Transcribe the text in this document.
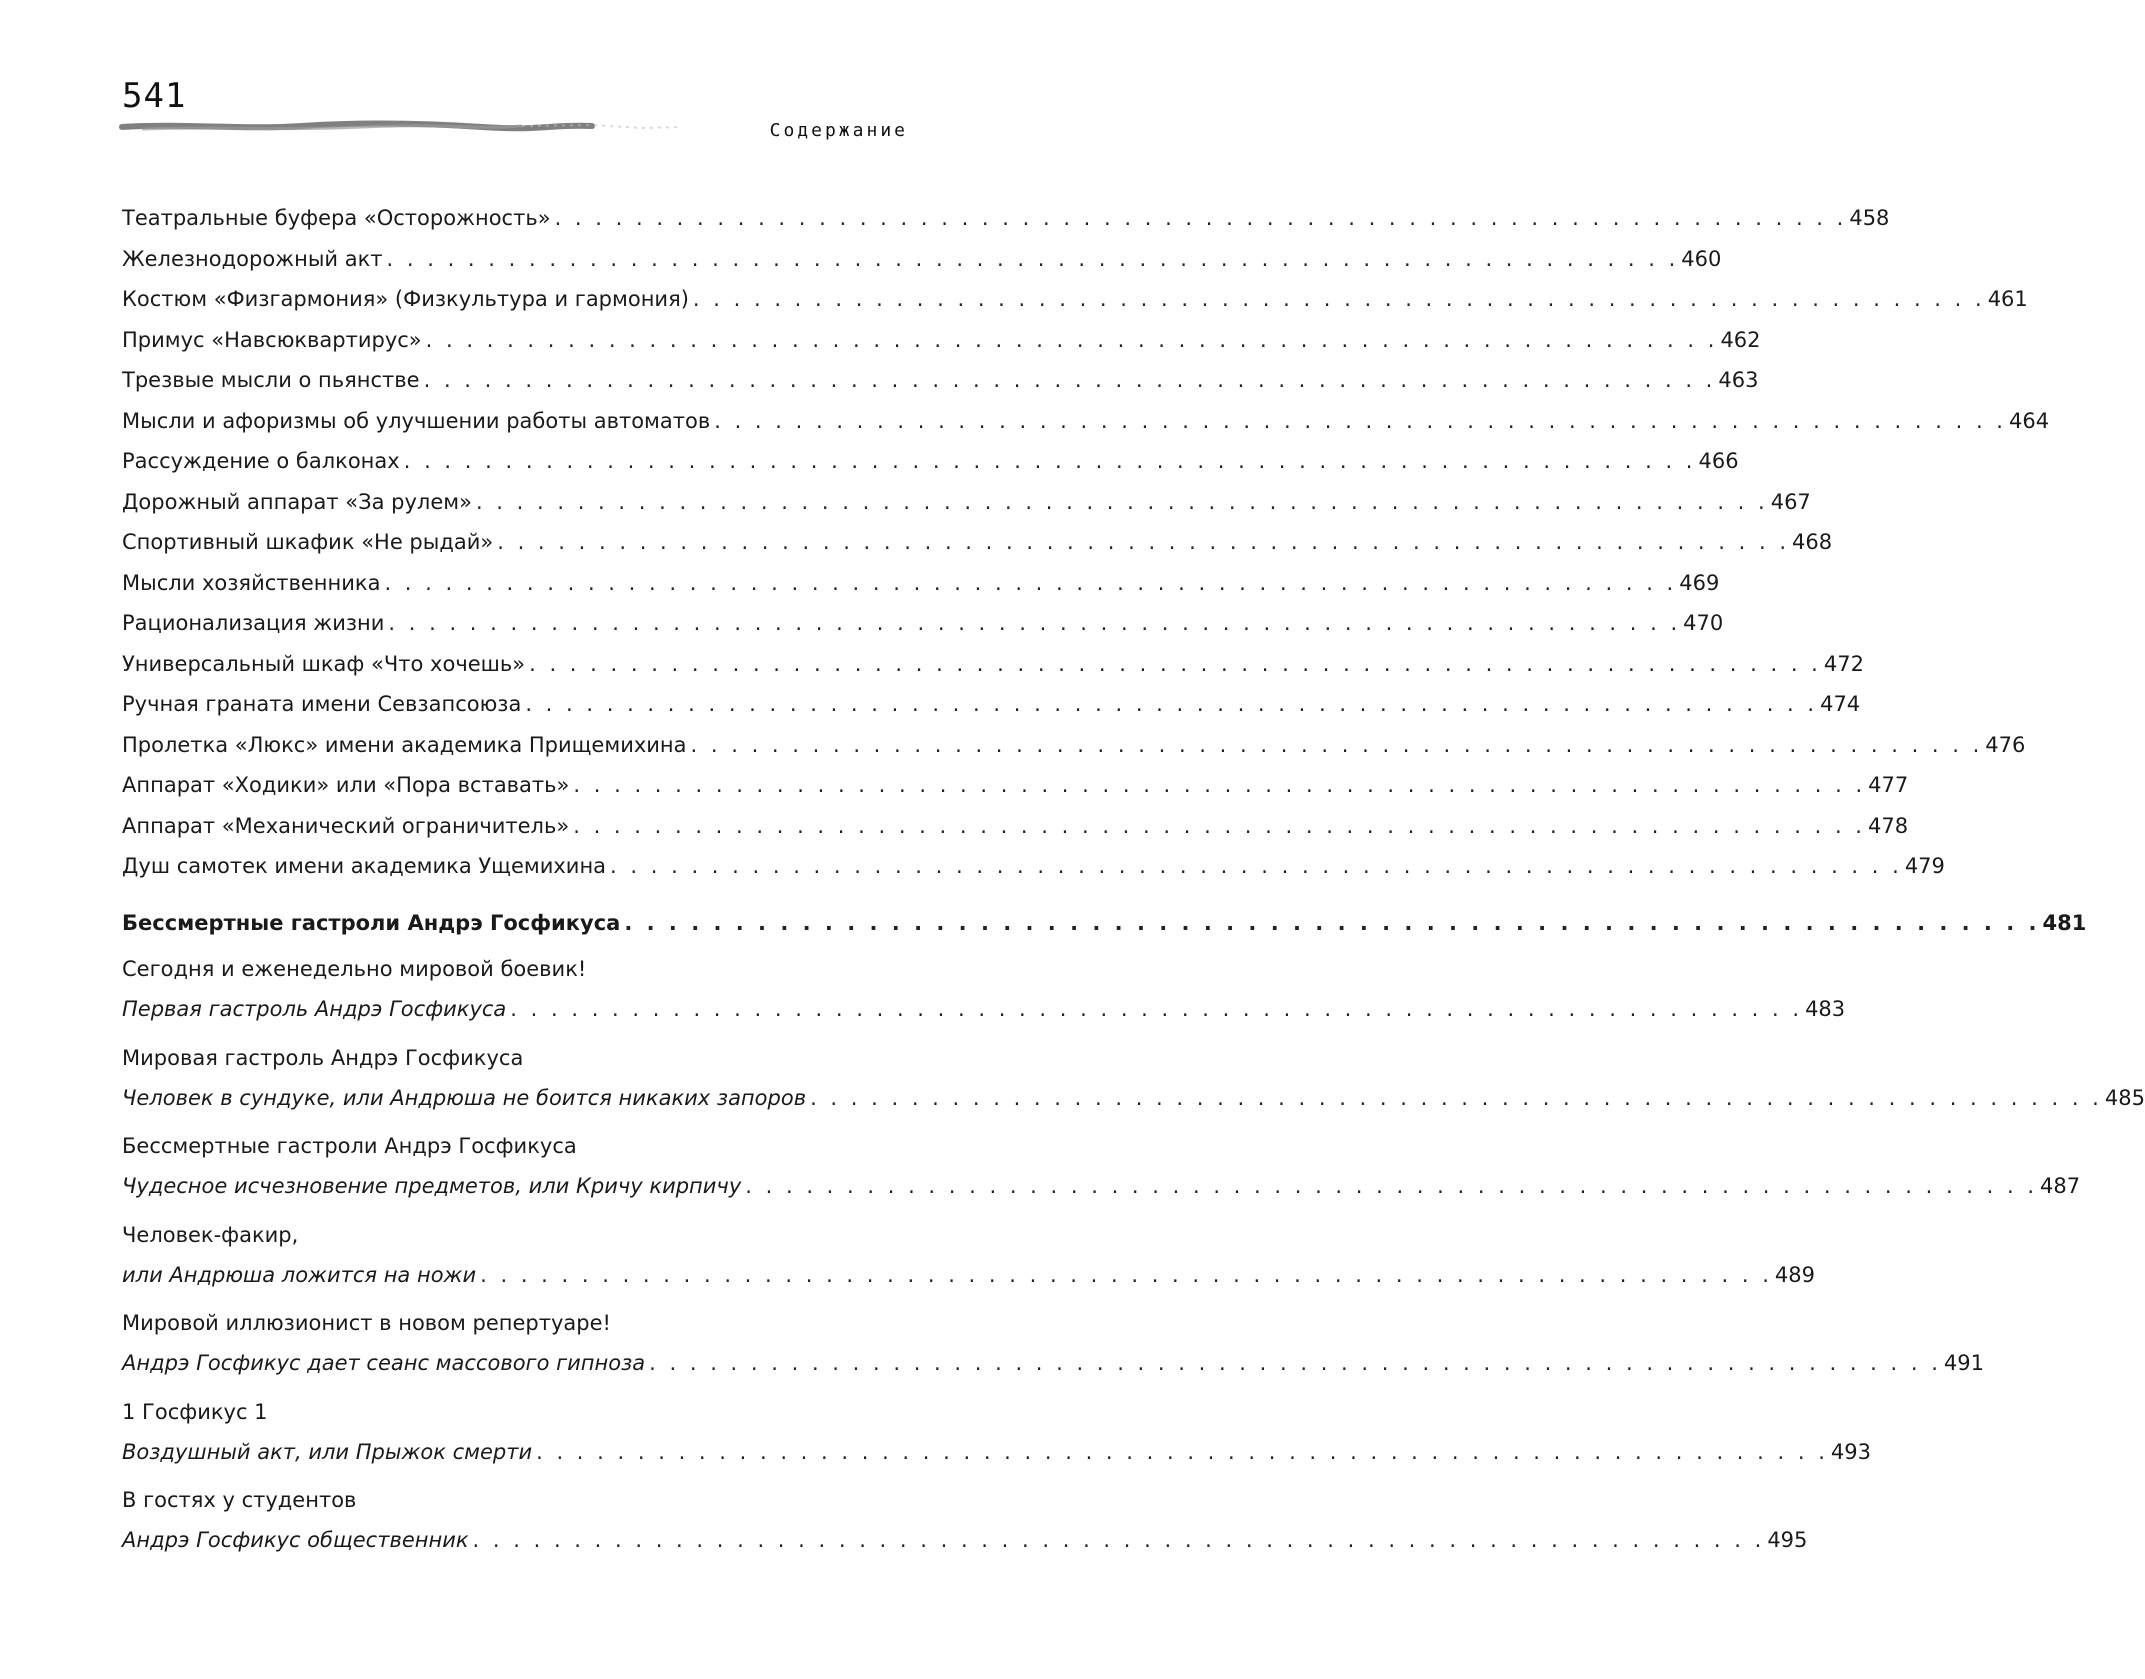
541
Содержание
Театральные буфера «Осторожность» . . .	458
Железнодорожный акт . . .	460
Костюм «Физгармония» (Физкультура и гармония) . . .	461
Примус «Навсюквартирус» . . .	462
Трезвые мысли о пьянстве . . .	463
Мысли и афоризмы об улучшении работы автоматов . . .	464
Рассуждение о балконах . . .	466
Дорожный аппарат «За рулем» . . .	467
Спортивный шкафик «Не рыдай» . . .	468
Мысли хозяйственника . . .	469
Рационализация жизни . . .	470
Универсальный шкаф «Что хочешь» . . .	472
Ручная граната имени Севзапсоюза . . .	474
Пролетка «Люкс» имени академика Прищемихина . . .	476
Аппарат «Ходики» или «Пора вставать» . . .	477
Аппарат «Механический ограничитель» . . .	478
Душ самотек имени академика Ущемихина . . .	479
Бессмертные гастроли Андрэ Госфикуса . . .	481
Сегодня и еженедельно мировой боевик!
Первая гастроль Андрэ Госфикуса . . .	483
Мировая гастроль Андрэ Госфикуса
Человек в сундуке, или Андрюша не боится никаких запоров . . .	485
Бессмертные гастроли Андрэ Госфикуса
Чудесное исчезновение предметов, или Кричу кирпичу . . .	487
Человек-факир,
или Андрюша ложится на ножи . . .	489
Мировой иллюзионист в новом репертуаре!
Андрэ Госфикус дает сеанс массового гипноза . . .	491
1 Госфикус 1
Воздушный акт, или Прыжок смерти . . .	493
В гостях у студентов
Андрэ Госфикус общественник . . .	495
